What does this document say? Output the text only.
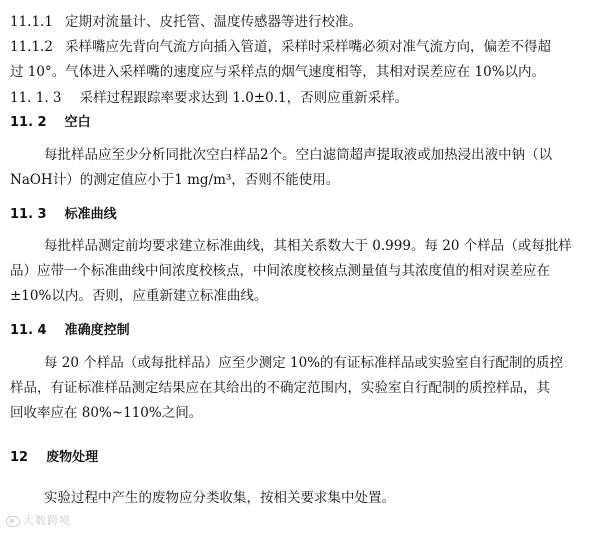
11.1.1 定期对流量计、皮托管、温度传感器等进行校准。
11.1.2 采样嘴应先背向气流方向插入管道，采样时采样嘴必须对准气流方向，偏差不得超
过 10°。气体进入采样嘴的速度应与采样点的烟气速度相等，其相对误差应在 10%以内。
11. 1. 3 采样过程跟踪率要求达到 1.0±0.1，否则应重新采样。
11. 2 空白
每批样品应至少分析同批次空白样品2个。空白滤筒超声提取液或加热浸出液中钠（以
NaOH计）的测定值应小于1 mg/m³，否则不能使用。
11. 3 标准曲线
每批样品测定前均要求建立标准曲线，其相关系数大于 0.999。每 20 个样品（或每批样
品）应带一个标准曲线中间浓度校核点，中间浓度校核点测量值与其浓度值的相对误差应在
±10%以内。否则，应重新建立标准曲线。
11. 4 准确度控制
每 20 个样品（或每批样品）应至少测定 10%的有证标准样品或实验室自行配制的质控
样品，有证标准样品测定结果应在其给出的不确定范围内，实验室自行配制的质控样品，其
回收率应在 80%~110%之间。
12 废物处理
实验过程中产生的废物应分类收集，按相关要求集中处置。
大数跨境
